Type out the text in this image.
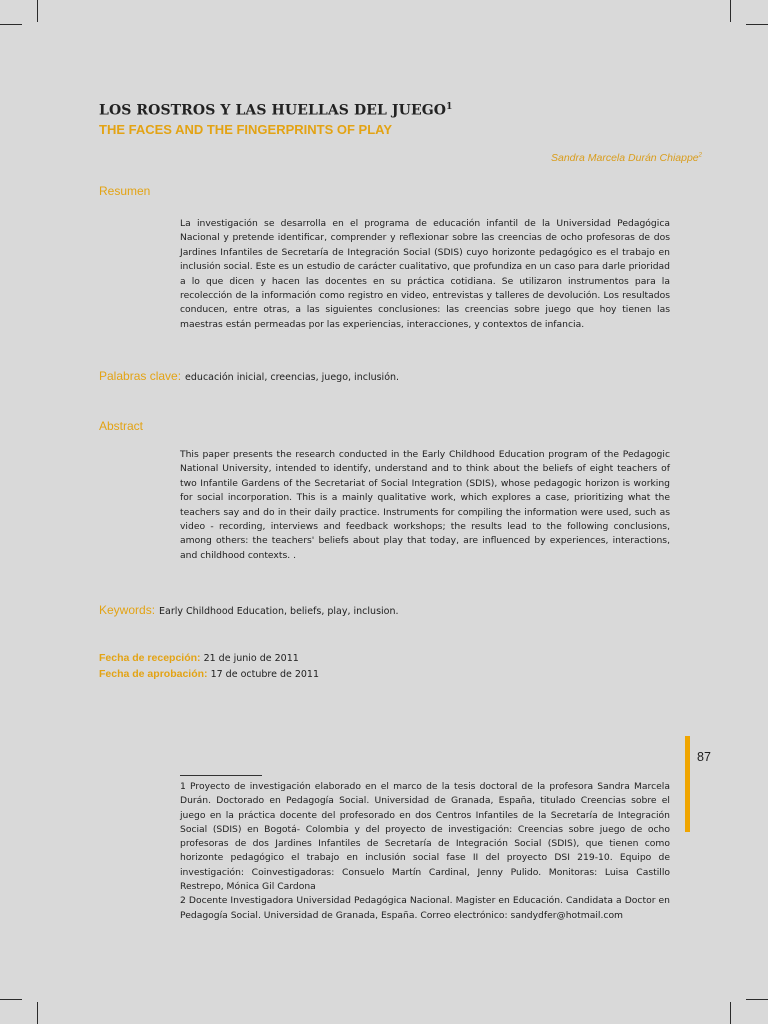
LOS ROSTROS Y LAS HUELLAS DEL JUEGO$^1$
THE FACES AND THE FINGERPRINTS OF PLAY
Sandra Marcela Durán Chiappe$^2$
Resumen
La investigación se desarrolla en el programa de educación infantil de la Universidad Pedagógica Nacional y pretende identificar, comprender y reflexionar sobre las creencias de ocho profesoras de dos Jardines Infantiles de Secretaría de Integración Social (SDIS) cuyo horizonte pedagógico es el trabajo en inclusión social. Este es un estudio de carácter cualitativo, que profundiza en un caso para darle prioridad a lo que dicen y hacen las docentes en su práctica cotidiana. Se utilizaron instrumentos para la recolección de la información como registro en video, entrevistas y talleres de devolución. Los resultados conducen, entre otras, a las siguientes conclusiones: las creencias sobre juego que hoy tienen las maestras están permeadas por las experiencias, interacciones, y contextos de infancia.
Palabras clave: educación inicial, creencias, juego, inclusión.
Abstract
This paper presents the research conducted in the Early Childhood Education program of the Pedagogic National University, intended to identify, understand and to think about the beliefs of eight teachers of two Infantile Gardens of the Secretariat of Social Integration (SDIS), whose pedagogic horizon is working for social incorporation. This is a mainly qualitative work, which explores a case, prioritizing what the teachers say and do in their daily practice. Instruments for compiling the information were used, such as video - recording, interviews and feedback workshops; the results lead to the following conclusions, among others: the teachers' beliefs about play that today, are influenced by experiences, interactions, and childhood contexts. .
Keywords: Early Childhood Education, beliefs, play, inclusion.
Fecha de recepción: 21 de junio de 2011
Fecha de aprobación: 17 de octubre de 2011
87

1 Proyecto de investigación elaborado en el marco de la tesis doctoral de la profesora Sandra Marcela Durán. Doctorado en Pedagogía Social. Universidad de Granada, España, titulado Creencias sobre el juego en la práctica docente del profesorado en dos Centros Infantiles de la Secretaría de Integración Social (SDIS) en Bogotá- Colombia y del proyecto de investigación: Creencias sobre juego de ocho profesoras de dos Jardines Infantiles de Secretaría de Integración Social (SDIS), que tienen como horizonte pedagógico el trabajo en inclusión social fase II del proyecto DSI 219-10. Equipo de investigación: Coinvestigadoras: Consuelo Martín Cardinal, Jenny Pulido. Monitoras: Luisa Castillo Restrepo, Mónica Gil Cardona

2 Docente Investigadora Universidad Pedagógica Nacional. Magister en Educación. Candidata a Doctor en Pedagogía Social. Universidad de Granada, España. Correo electrónico: sandydfer@hotmail.com
